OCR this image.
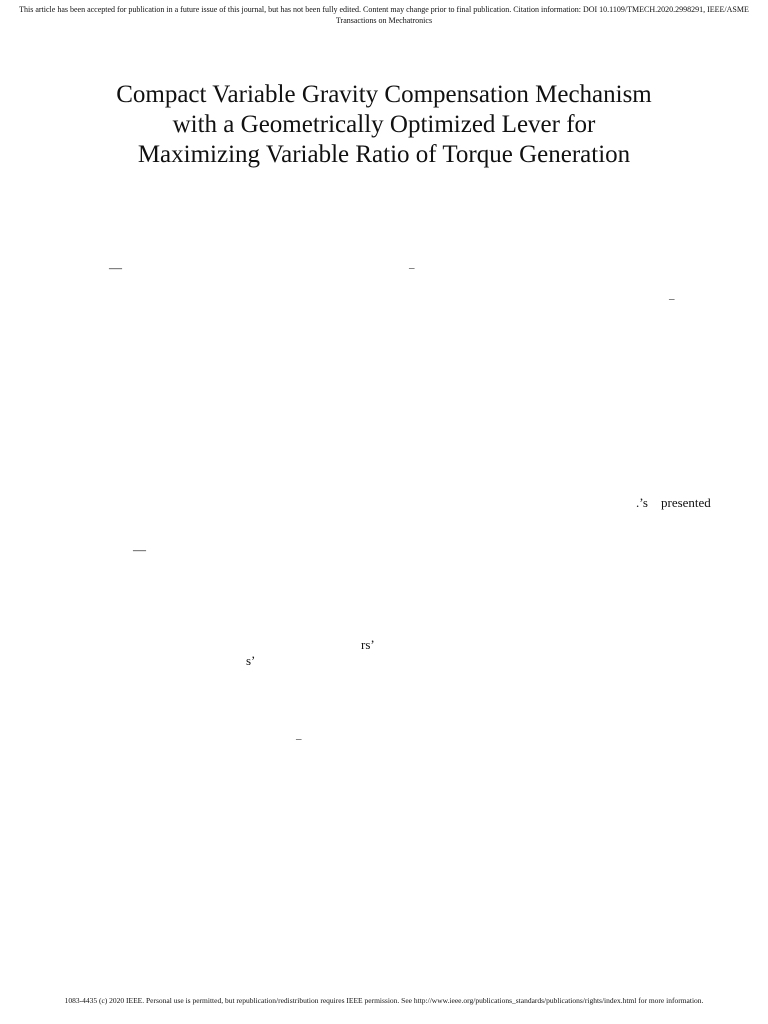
This article has been accepted for publication in a future issue of this journal, but has not been fully edited. Content may change prior to final publication. Citation information: DOI 10.1109/TMECH.2020.2998291, IEEE/ASME
Transactions on Mechatronics
Compact Variable Gravity Compensation Mechanism
with a Geometrically Optimized Lever for
Maximizing Variable Ratio of Torque Generation
—	–
–
.’s presented
—
rs’
s’
–
1083-4435 (c) 2020 IEEE. Personal use is permitted, but republication/redistribution requires IEEE permission. See http://www.ieee.org/publications_standards/publications/rights/index.html for more information.
